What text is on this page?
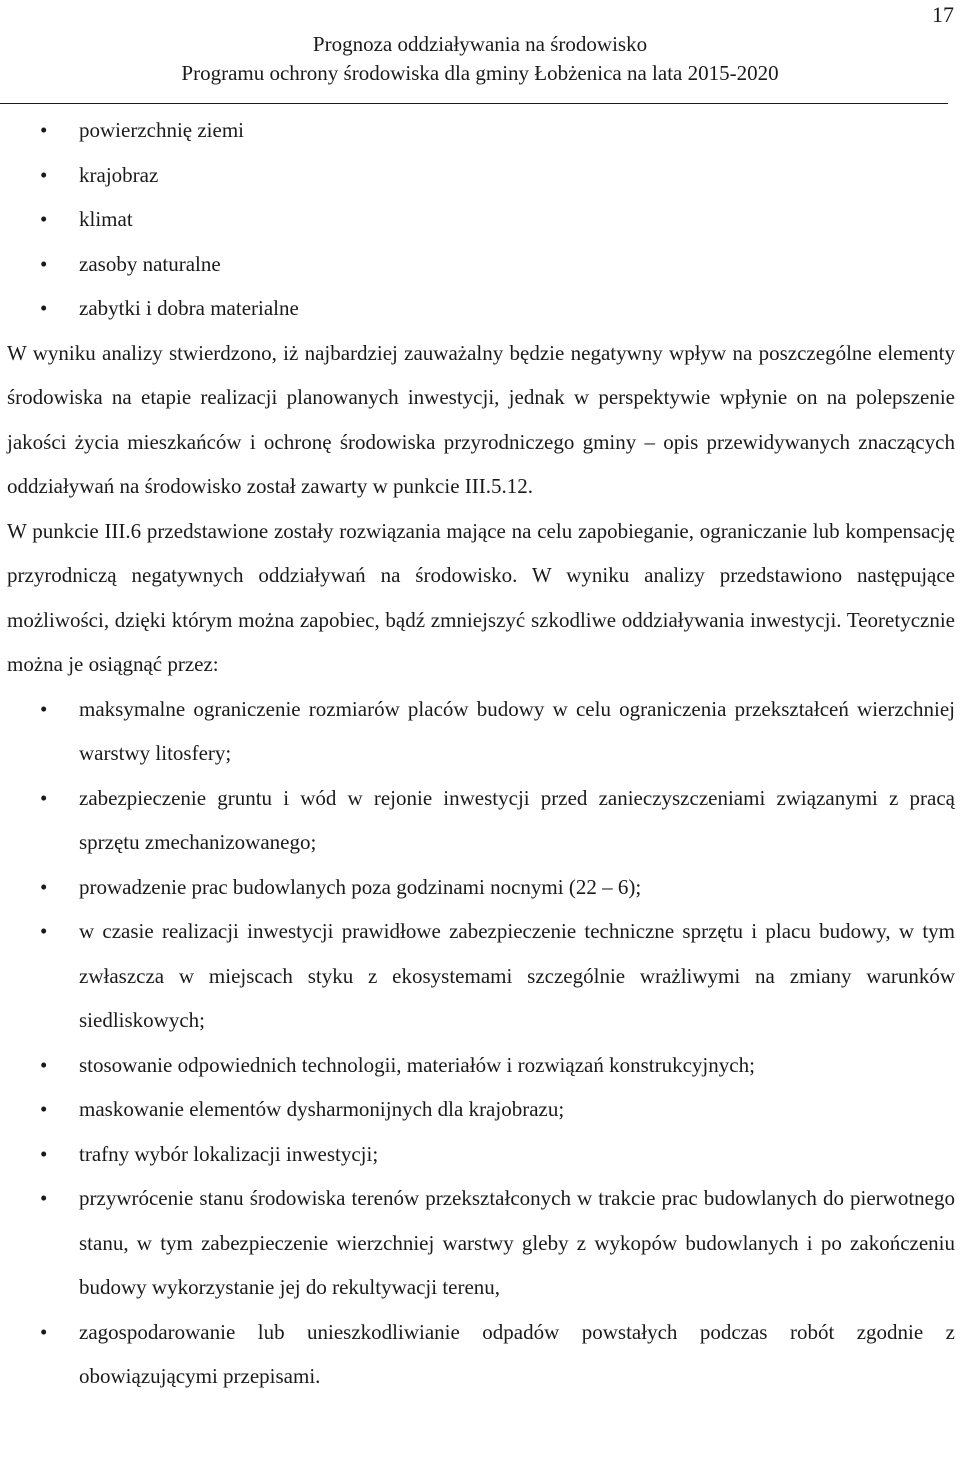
17
Prognoza oddziaływania na środowisko
Programu ochrony środowiska dla gminy Łobżenica na lata 2015-2020
• powierzchnię ziemi
• krajobraz
• klimat
• zasoby naturalne
• zabytki i dobra materialne

W wyniku analizy stwierdzono, iż najbardziej zauważalny będzie negatywny wpływ na poszczególne elementy środowiska na etapie realizacji planowanych inwestycji, jednak w perspektywie wpłynie on na polepszenie jakości życia mieszkańców i ochronę środowiska przyrodniczego gminy – opis przewidywanych znaczących oddziaływań na środowisko został zawarty w punkcie III.5.12.

W punkcie III.6 przedstawione zostały rozwiązania mające na celu zapobieganie, ograniczanie lub kompensację przyrodniczą negatywnych oddziaływań na środowisko. W wyniku analizy przedstawiono następujące możliwości, dzięki którym można zapobiec, bądź zmniejszyć szkodliwe oddziaływania inwestycji. Teoretycznie można je osiągnąć przez:

• maksymalne ograniczenie rozmiarów placów budowy w celu ograniczenia przekształceń wierzchniej warstwy litosfery;
• zabezpieczenie gruntu i wód w rejonie inwestycji przed zanieczyszczeniami związanymi z pracą sprzętu zmechanizowanego;
• prowadzenie prac budowlanych poza godzinami nocnymi (22 – 6);
• w czasie realizacji inwestycji prawidłowe zabezpieczenie techniczne sprzętu i placu budowy, w tym zwłaszcza w miejscach styku z ekosystemami szczególnie wrażliwymi na zmiany warunków siedliskowych;
• stosowanie odpowiednich technologii, materiałów i rozwiązań konstrukcyjnych;
• maskowanie elementów dysharmonijnych dla krajobrazu;
• trafny wybór lokalizacji inwestycji;
• przywrócenie stanu środowiska terenów przekształconych w trakcie prac budowlanych do pierwotnego stanu, w tym zabezpieczenie wierzchniej warstwy gleby z wykopów budowlanych i po zakończeniu budowy wykorzystanie jej do rekultywacji terenu,
• zagospodarowanie lub unieszkodliwianie odpadów powstałych podczas robót zgodnie z obowiązującymi przepisami.
